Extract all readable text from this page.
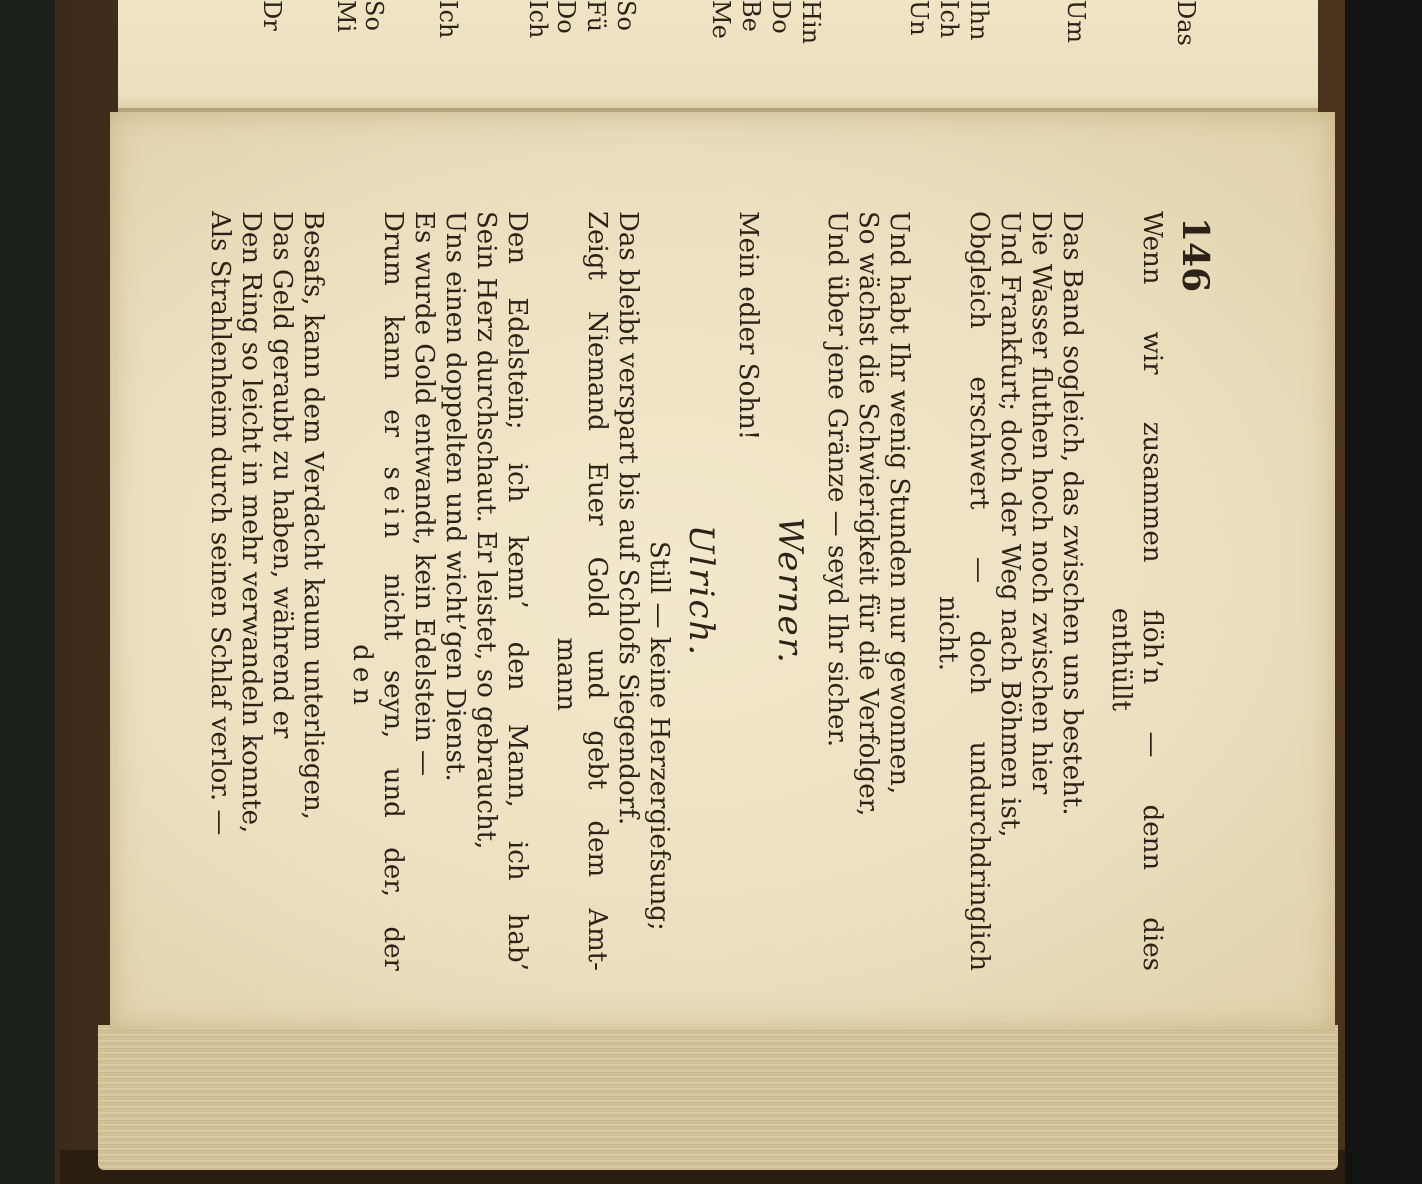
Dr Mi So Ich	Ich Do Fü So	Me Be Do Hin	Un Ich Ihn	Um	Das
146
Wenn
wir
zusammen
flöh’n
—
denn
dies
enthüllt
Das Band sogleich, das zwischen uns besteht.
Die Wasser fluthen hoch noch zwischen hier
Und Frankfurt; doch der Weg nach Böhmen ist,
Obgleich
erschwert
—
doch
undurchdringlich
nicht.
Und habt Ihr wenig Stunden nur gewonnen,
So wächst die Schwierigkeit für die Verfolger,
Und über jene Gränze — seyd Ihr sicher.
Werner.
Mein edler Sohn!
Ulrich.
Still — keine Herzergiefsung;
Das bleibt verspart bis auf Schlofs Siegendorf.
Zeigt
Niemand
Euer
Gold
und
gebt
dem
Amt-
mann
Den
Edelstein;
ich
kenn’
den
Mann,
ich
hab’
Sein Herz durchschaut. Er leistet, so gebraucht,
Uns einen doppelten und wicht’gen Dienst.
Es wurde Gold entwandt, kein Edelstein —
Drum
kann
er
sein
nicht
seyn,
und
der,
der
den
Besafs, kann dem Verdacht kaum unterliegen,
Das Geld geraubt zu haben, während er
Den Ring so leicht in mehr verwandeln konnte,
Als Strahlenheim durch seinen Schlaf verlor. —
